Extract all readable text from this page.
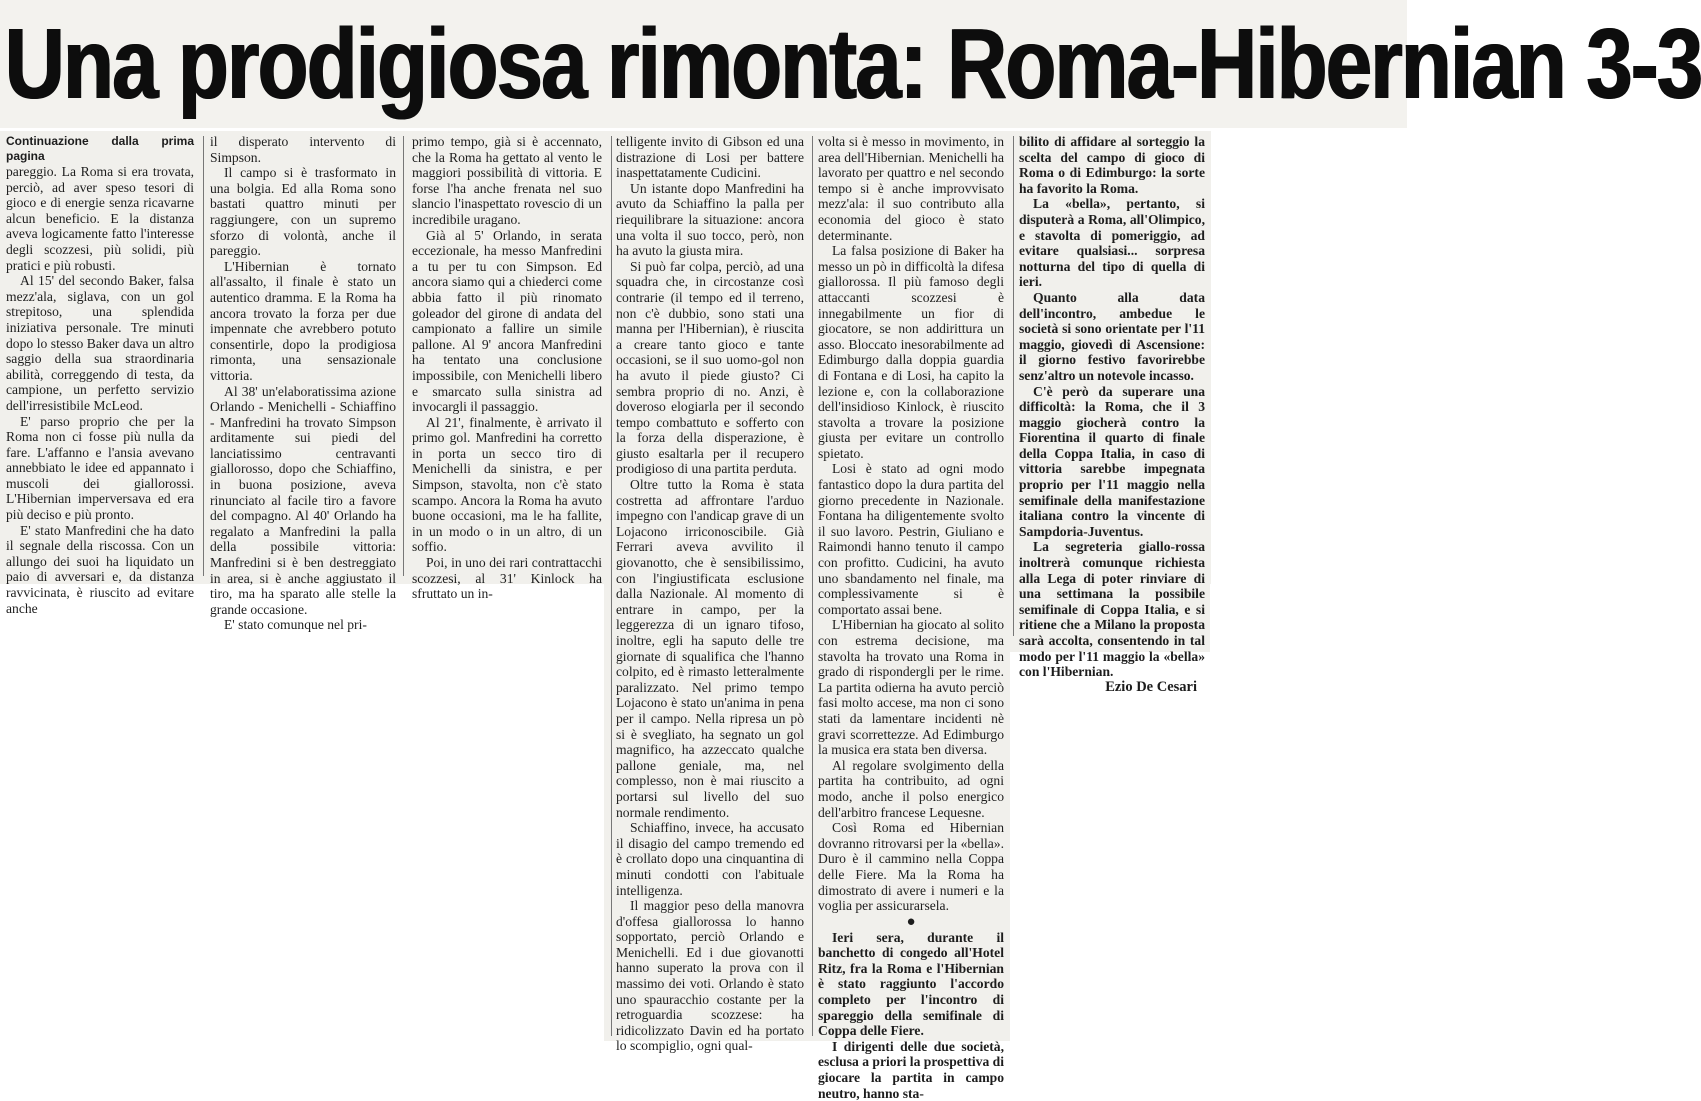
Una prodigiosa rimonta: Roma-Hibernian 3-3

Continuazione dalla prima pagina

pareggio. La Roma si era trovata, perciò, ad aver speso tesori di gioco e di energie senza ricavarne alcun beneficio. E la distanza aveva logicamente fatto l'interesse degli scozzesi, più solidi, più pratici e più robusti.

Al 15' del secondo Baker, falsa mezz'ala, siglava, con un gol strepitoso, una splendida iniziativa personale. Tre minuti dopo lo stesso Baker dava un altro saggio della sua straordinaria abilità, correggendo di testa, da campione, un perfetto servizio dell'irresistibile McLeod.

E' parso proprio che per la Roma non ci fosse più nulla da fare. L'affanno e l'ansia avevano annebbiato le idee ed appannato i muscoli dei giallorossi. L'Hibernian imperversava ed era più deciso e più pronto.

E' stato Manfredini che ha dato il segnale della riscossa. Con un allungo dei suoi ha liquidato un paio di avversari e, da distanza ravvicinata, è riuscito ad evitare anche

il disperato intervento di Simpson.

Il campo si è trasformato in una bolgia. Ed alla Roma sono bastati quattro minuti per raggiungere, con un supremo sforzo di volontà, anche il pareggio.

L'Hibernian è tornato all'assalto, il finale è stato un autentico dramma. E la Roma ha ancora trovato la forza per due impennate che avrebbero potuto consentirle, dopo la prodigiosa rimonta, una sensazionale vittoria.

Al 38' un'elaboratissima azione Orlando - Menichelli - Schiaffino - Manfredini ha trovato Simpson arditamente sui piedi del lanciatissimo centravanti giallorosso, dopo che Schiaffino, in buona posizione, aveva rinunciato al facile tiro a favore del compagno. Al 40' Orlando ha regalato a Manfredini la palla della possibile vittoria: Manfredini si è ben destreggiato in area, si è anche aggiustato il tiro, ma ha sparato alle stelle la grande occasione.

E' stato comunque nel pri-

primo tempo, già si è accennato, che la Roma ha gettato al vento le maggiori possibilità di vittoria. E forse l'ha anche frenata nel suo slancio l'inaspettato rovescio di un incredibile uragano.

Già al 5' Orlando, in serata eccezionale, ha messo Manfredini a tu per tu con Simpson. Ed ancora siamo qui a chiederci come abbia fatto il più rinomato goleador del girone di andata del campionato a fallire un simile pallone. Al 9' ancora Manfredini ha tentato una conclusione impossibile, con Menichelli libero e smarcato sulla sinistra ad invocargli il passaggio.

Al 21', finalmente, è arrivato il primo gol. Manfredini ha corretto in porta un secco tiro di Menichelli da sinistra, e per Simpson, stavolta, non c'è stato scampo. Ancora la Roma ha avuto buone occasioni, ma le ha fallite, in un modo o in un altro, di un soffio.

Poi, in uno dei rari contrattacchi scozzesi, al 31' Kinlock ha sfruttato un in-

telligente invito di Gibson ed una distrazione di Losi per battere inaspettatamente Cudicini.

Un istante dopo Manfredini ha avuto da Schiaffino la palla per riequilibrare la situazione: ancora una volta il suo tocco, però, non ha avuto la giusta mira.

Si può far colpa, perciò, ad una squadra che, in circostanze così contrarie (il tempo ed il terreno, non c'è dubbio, sono stati una manna per l'Hibernian), è riuscita a creare tanto gioco e tante occasioni, se il suo uomo-gol non ha avuto il piede giusto? Ci sembra proprio di no. Anzi, è doveroso elogiarla per il secondo tempo combattuto e sofferto con la forza della disperazione, è giusto esaltarla per il recupero prodigioso di una partita perduta.

Oltre tutto la Roma è stata costretta ad affrontare l'arduo impegno con l'andicap grave di un Lojacono irriconoscibile. Già Ferrari aveva avvilito il giovanotto, che è sensibilissimo, con l'ingiustificata esclusione dalla Nazionale. Al momento di entrare in campo, per la leggerezza di un ignaro tifoso, inoltre, egli ha saputo delle tre giornate di squalifica che l'hanno colpito, ed è rimasto letteralmente paralizzato. Nel primo tempo Lojacono è stato un'anima in pena per il campo. Nella ripresa un pò si è svegliato, ha segnato un gol magnifico, ha azzeccato qualche pallone geniale, ma, nel complesso, non è mai riuscito a portarsi sul livello del suo normale rendimento.

Schiaffino, invece, ha accusato il disagio del campo tremendo ed è crollato dopo una cinquantina di minuti condotti con l'abituale intelligenza.

Il maggior peso della manovra d'offesa giallorossa lo hanno sopportato, perciò Orlando e Menichelli. Ed i due giovanotti hanno superato la prova con il massimo dei voti. Orlando è stato uno spauracchio costante per la retroguardia scozzese: ha ridicolizzato Davin ed ha portato lo scompiglio, ogni qual-

volta si è messo in movimento, in area dell'Hibernian. Menichelli ha lavorato per quattro e nel secondo tempo si è anche improvvisato mezz'ala: il suo contributo alla economia del gioco è stato determinante.

La falsa posizione di Baker ha messo un pò in difficoltà la difesa giallorossa. Il più famoso degli attaccanti scozzesi è innegabilmente un fior di giocatore, se non addirittura un asso. Bloccato inesorabilmente ad Edimburgo dalla doppia guardia di Fontana e di Losi, ha capito la lezione e, con la collaborazione dell'insidioso Kinlock, è riuscito stavolta a trovare la posizione giusta per evitare un controllo spietato.

Losi è stato ad ogni modo fantastico dopo la dura partita del giorno precedente in Nazionale. Fontana ha diligentemente svolto il suo lavoro. Pestrin, Giuliano e Raimondi hanno tenuto il campo con profitto. Cudicini, ha avuto uno sbandamento nel finale, ma complessivamente si è comportato assai bene.

L'Hibernian ha giocato al solito con estrema decisione, ma stavolta ha trovato una Roma in grado di rispondergli per le rime. La partita odierna ha avuto perciò fasi molto accese, ma non ci sono stati da lamentare incidenti nè gravi scorrettezze. Ad Edimburgo la musica era stata ben diversa.

Al regolare svolgimento della partita ha contribuito, ad ogni modo, anche il polso energico dell'arbitro francese Lequesne.

Così Roma ed Hibernian dovranno ritrovarsi per la «bella». Duro è il cammino nella Coppa delle Fiere. Ma la Roma ha dimostrato di avere i numeri e la voglia per assicurarsela.

●

Ieri sera, durante il banchetto di congedo all'Hotel Ritz, fra la Roma e l'Hibernian è stato raggiunto l'accordo completo per l'incontro di spareggio della semifinale di Coppa delle Fiere.

I dirigenti delle due società, esclusa a priori la prospettiva di giocare la partita in campo neutro, hanno sta-

bilito di affidare al sorteggio la scelta del campo di gioco di Roma o di Edimburgo: la sorte ha favorito la Roma.

La «bella», pertanto, si disputerà a Roma, all'Olimpico, e stavolta di pomeriggio, ad evitare qualsiasi... sorpresa notturna del tipo di quella di ieri.

Quanto alla data dell'incontro, ambedue le società si sono orientate per l'11 maggio, giovedì di Ascensione: il giorno festivo favorirebbe senz'altro un notevole incasso.

C'è però da superare una difficoltà: la Roma, che il 3 maggio giocherà contro la Fiorentina il quarto di finale della Coppa Italia, in caso di vittoria sarebbe impegnata proprio per l'11 maggio nella semifinale della manifestazione italiana contro la vincente di Sampdoria-Juventus.

La segreteria giallo-rossa inoltrerà comunque richiesta alla Lega di poter rinviare di una settimana la possibile semifinale di Coppa Italia, e si ritiene che a Milano la proposta sarà accolta, consentendo in tal modo per l'11 maggio la «bella» con l'Hibernian.

Ezio De Cesari
